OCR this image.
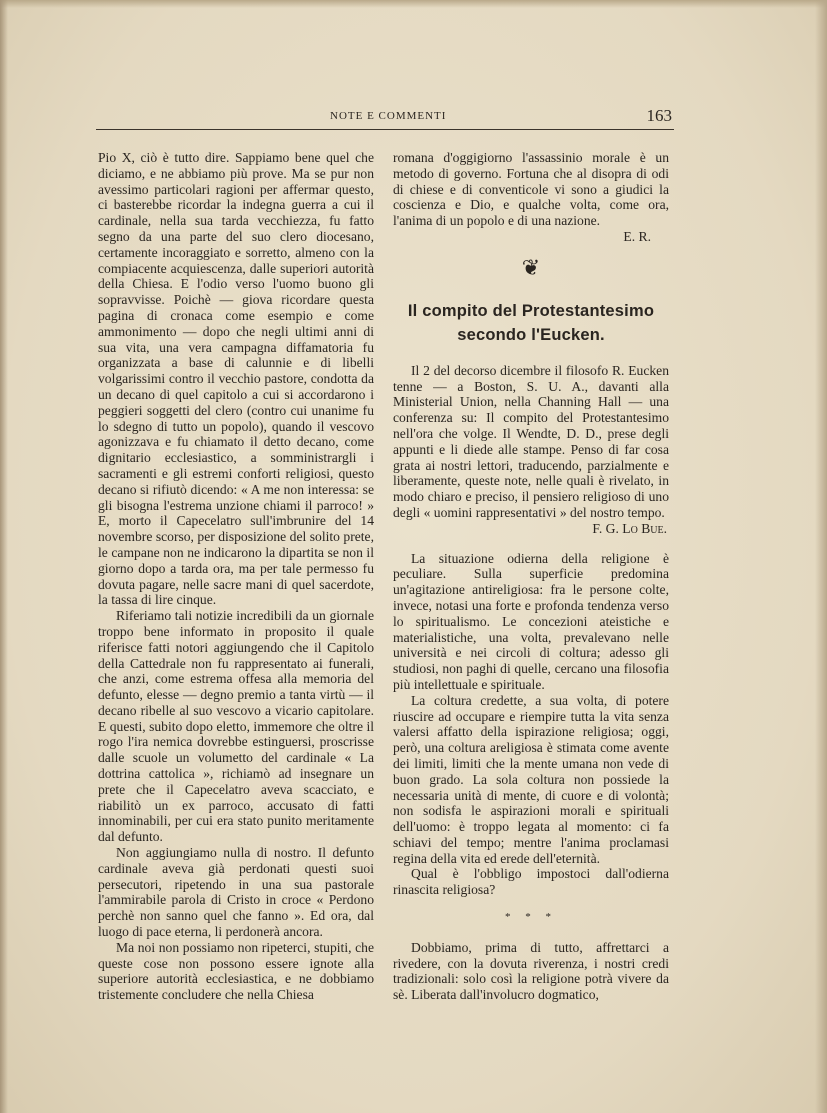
NOTE E COMMENTI	163

Pio X, ciò è tutto dire. Sappiamo bene quel che diciamo, e ne abbiamo più prove. Ma se pur non avessimo particolari ragioni per affermar questo, ci basterebbe ricordar la indegna guerra a cui il cardinale, nella sua tarda vecchiezza, fu fatto segno da una parte del suo clero diocesano, certamente incoraggiato e sorretto, almeno con la compiacente acquiescenza, dalle superiori autorità della Chiesa. E l'odio verso l'uomo buono gli sopravvisse. Poichè — giova ricordare questa pagina di cronaca come esempio e come ammonimento — dopo che negli ultimi anni di sua vita, una vera campagna diffamatoria fu organizzata a base di calunnie e di libelli volgarissimi contro il vecchio pastore, condotta da un decano di quel capitolo a cui si accordarono i peggieri soggetti del clero (contro cui unanime fu lo sdegno di tutto un popolo), quando il vescovo agonizzava e fu chiamato il detto decano, come dignitario ecclesiastico, a somministrargli i sacramenti e gli estremi conforti religiosi, questo decano si rifiutò dicendo: « A me non interessa: se gli bisogna l'estrema unzione chiami il parroco! » E, morto il Capecelatro sull'imbrunire del 14 novembre scorso, per disposizione del solito prete, le campane non ne indicarono la dipartita se non il giorno dopo a tarda ora, ma per tale permesso fu dovuta pagare, nelle sacre mani di quel sacerdote, la tassa di lire cinque.

Riferiamo tali notizie incredibili da un giornale troppo bene informato in proposito il quale riferisce fatti notori aggiungendo che il Capitolo della Cattedrale non fu rappresentato ai funerali, che anzi, come estrema offesa alla memoria del defunto, elesse — degno premio a tanta virtù — il decano ribelle al suo vescovo a vicario capitolare. E questi, subito dopo eletto, immemore che oltre il rogo l'ira nemica dovrebbe estinguersi, proscrisse dalle scuole un volumetto del cardinale « La dottrina cattolica », richiamò ad insegnare un prete che il Capecelatro aveva scacciato, e riabilitò un ex parroco, accusato di fatti innominabili, per cui era stato punito meritamente dal defunto.

Non aggiungiamo nulla di nostro. Il defunto cardinale aveva già perdonati questi suoi persecutori, ripetendo in una sua pastorale l'ammirabile parola di Cristo in croce « Perdono perchè non sanno quel che fanno ». Ed ora, dal luogo di pace eterna, li perdonerà ancora.

Ma noi non possiamo non ripeterci, stupiti, che queste cose non possono essere ignote alla superiore autorità ecclesiastica, e ne dobbiamo tristemente concludere che nella Chiesa

romana d'oggigiorno l'assassinio morale è un metodo di governo. Fortuna che al disopra di odi di chiese e di conventicole vi sono a giudici la coscienza e Dio, e qualche volta, come ora, l'anima di un popolo e di una nazione.

E. R.

❦
Il compito del Protestantesimo
secondo l'Eucken.

Il 2 del decorso dicembre il filosofo R. Eucken tenne — a Boston, S. U. A., davanti alla Ministerial Union, nella Channing Hall — una conferenza su: Il compito del Protestantesimo nell'ora che volge. Il Wendte, D. D., prese degli appunti e li diede alle stampe. Penso di far cosa grata ai nostri lettori, traducendo, parzialmente e liberamente, queste note, nelle quali è rivelato, in modo chiaro e preciso, il pensiero religioso di uno degli « uomini rappresentativi » del nostro tempo.

F. G. Lo Bue.

La situazione odierna della religione è peculiare. Sulla superficie predomina un'agitazione antireligiosa: fra le persone colte, invece, notasi una forte e profonda tendenza verso lo spiritualismo. Le concezioni ateistiche e materialistiche, una volta, prevalevano nelle università e nei circoli di coltura; adesso gli studiosi, non paghi di quelle, cercano una filosofia più intellettuale e spirituale.

La coltura credette, a sua volta, di potere riuscire ad occupare e riempire tutta la vita senza valersi affatto della ispirazione religiosa; oggi, però, una coltura areligiosa è stimata come avente dei limiti, limiti che la mente umana non vede di buon grado. La sola coltura non possiede la necessaria unità di mente, di cuore e di volontà; non sodisfa le aspirazioni morali e spirituali dell'uomo: è troppo legata al momento: ci fa schiavi del tempo; mentre l'anima proclamasi regina della vita ed erede dell'eternità.

Qual è l'obbligo impostoci dall'odierna rinascita religiosa?

* * *

Dobbiamo, prima di tutto, affrettarci a rivedere, con la dovuta riverenza, i nostri credi tradizionali: solo così la religione potrà vivere da sè. Liberata dall'involucro dogmatico,
